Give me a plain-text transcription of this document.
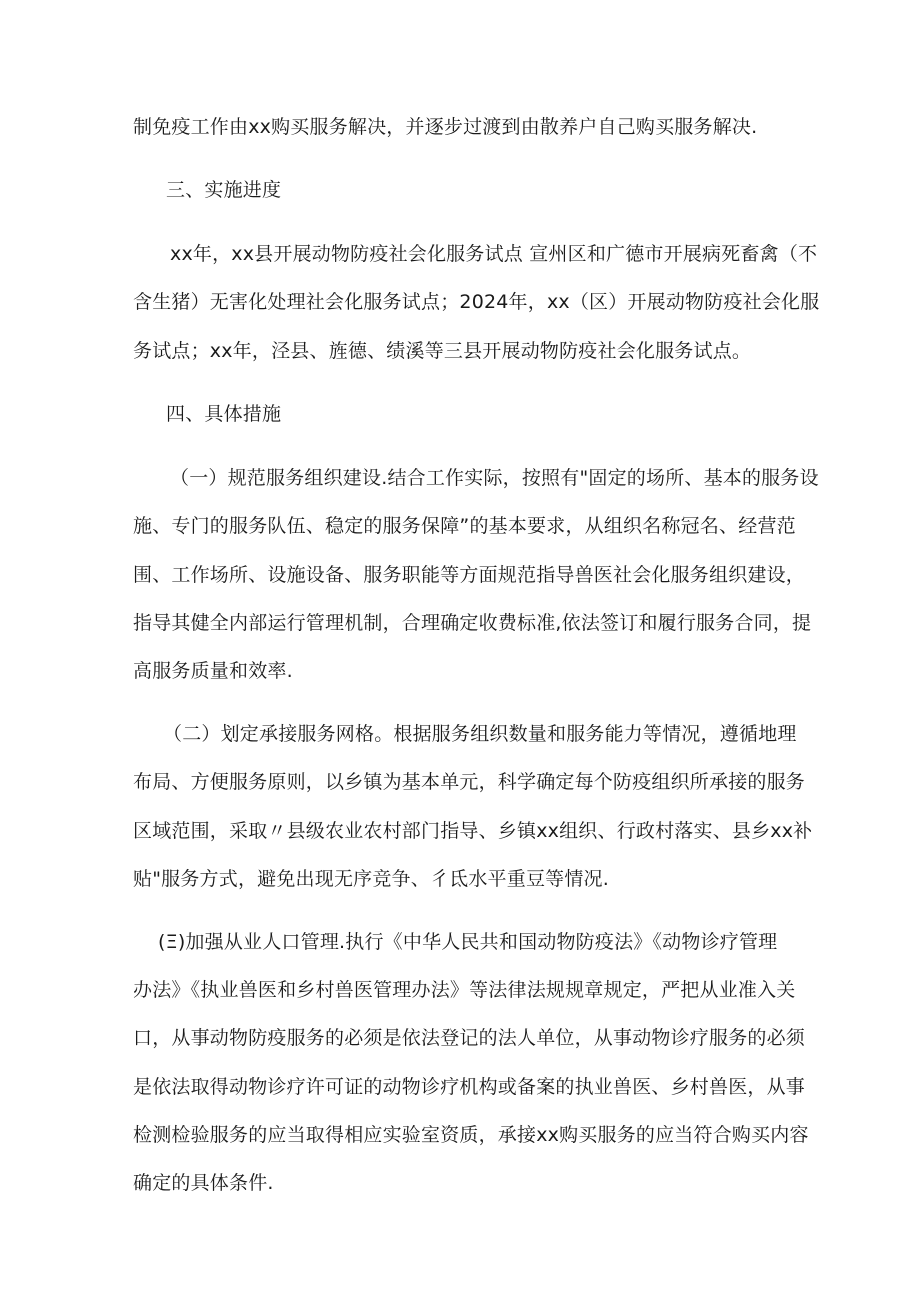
制免疫工作由xx购买服务解决，并逐步过渡到由散养户自己购买服务解决.
三、实施进度
xx年，xx县开展动物防疫社会化服务试点 宣州区和广德市开展病死畜禽（不
含生猪）无害化处理社会化服务试点；2024年，xx（区）开展动物防疫社会化服
务试点；xx年，泾县、旌德、绩溪等三县开展动物防疫社会化服务试点。
四、具体措施
（一）规范服务组织建设.结合工作实际，按照有"固定的场所、基本的服务设
施、专门的服务队伍、稳定的服务保障”的基本要求，从组织名称冠名、经营范
围、工作场所、设施设备、服务职能等方面规范指导兽医社会化服务组织建设，
指导其健全内部运行管理机制，合理确定收费标准,依法签订和履行服务合同，提
高服务质量和效率.
（二）划定承接服务网格。根据服务组织数量和服务能力等情况，遵循地理
布局、方便服务原则，以乡镇为基本单元，科学确定每个防疫组织所承接的服务
区域范围，采取〃县级农业农村部门指导、乡镇xx组织、行政村落实、县乡xx补
贴"服务方式，避免出现无序竞争、彳氐水平重豆等情况.
(Ξ)加强从业人口管理.执行《中华人民共和国动物防疫法》《动物诊疗管理
办法》《执业兽医和乡村兽医管理办法》等法律法规规章规定，严把从业准入关
口，从事动物防疫服务的必须是依法登记的法人单位，从事动物诊疗服务的必须
是依法取得动物诊疗许可证的动物诊疗机构或备案的执业兽医、乡村兽医，从事
检测检验服务的应当取得相应实验室资质，承接xx购买服务的应当符合购买内容
确定的具体条件.
